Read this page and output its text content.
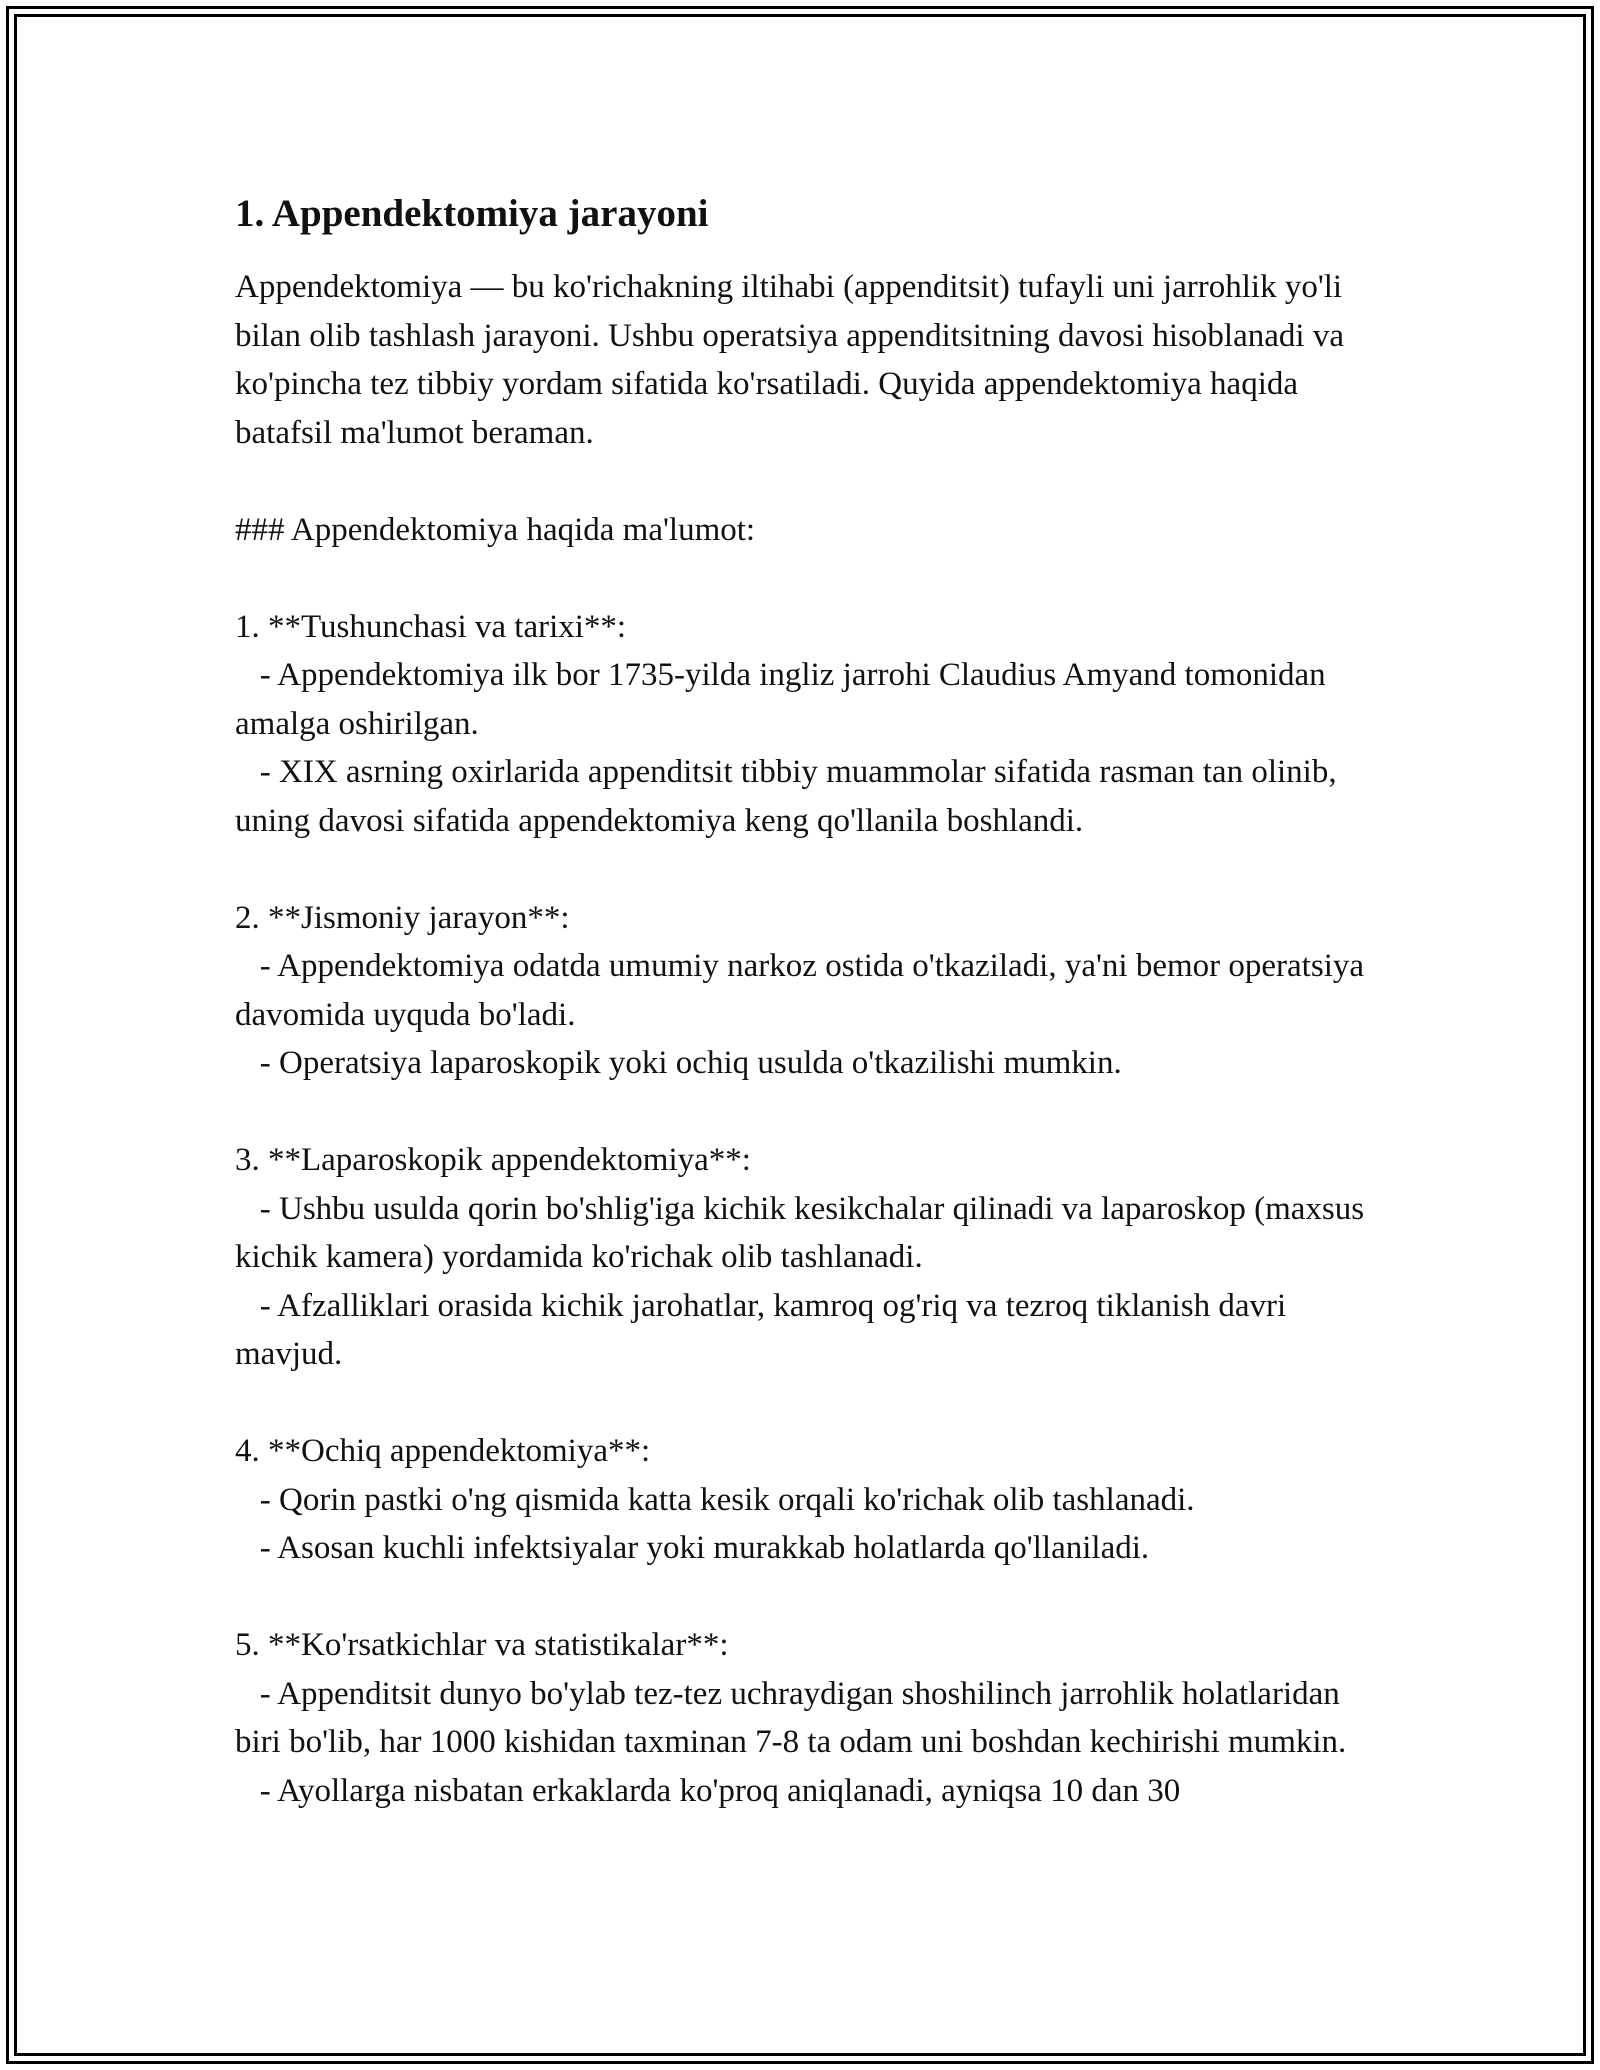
1. Appendektomiya jarayoni

Appendektomiya — bu ko'richakning iltihabi (appenditsit) tufayli uni jarrohlik yo'li bilan olib tashlash jarayoni. Ushbu operatsiya appenditsitning davosi hisoblanadi va ko'pincha tez tibbiy yordam sifatida ko'rsatiladi. Quyida appendektomiya haqida batafsil ma'lumot beraman.

### Appendektomiya haqida ma'lumot:

1. **Tushunchasi va tarixi**:
- Appendektomiya ilk bor 1735-yilda ingliz jarrohi Claudius Amyand tomonidan amalga oshirilgan.
- XIX asrning oxirlarida appenditsit tibbiy muammolar sifatida rasman tan olinib, uning davosi sifatida appendektomiya keng qo'llanila boshlandi.

2. **Jismoniy jarayon**:
- Appendektomiya odatda umumiy narkoz ostida o'tkaziladi, ya'ni bemor operatsiya davomida uyquda bo'ladi.
- Operatsiya laparoskopik yoki ochiq usulda o'tkazilishi mumkin.

3. **Laparoskopik appendektomiya**:
- Ushbu usulda qorin bo'shlig'iga kichik kesikchalar qilinadi va laparoskop (maxsus kichik kamera) yordamida ko'richak olib tashlanadi.
- Afzalliklari orasida kichik jarohatlar, kamroq og'riq va tezroq tiklanish davri mavjud.

4. **Ochiq appendektomiya**:
- Qorin pastki o'ng qismida katta kesik orqali ko'richak olib tashlanadi.
- Asosan kuchli infektsiyalar yoki murakkab holatlarda qo'llaniladi.

5. **Ko'rsatkichlar va statistikalar**:
- Appenditsit dunyo bo'ylab tez-tez uchraydigan shoshilinch jarrohlik holatlaridan biri bo'lib, har 1000 kishidan taxminan 7-8 ta odam uni boshdan kechirishi mumkin.
- Ayollarga nisbatan erkaklarda ko'proq aniqlanadi, ayniqsa 10 dan 30
